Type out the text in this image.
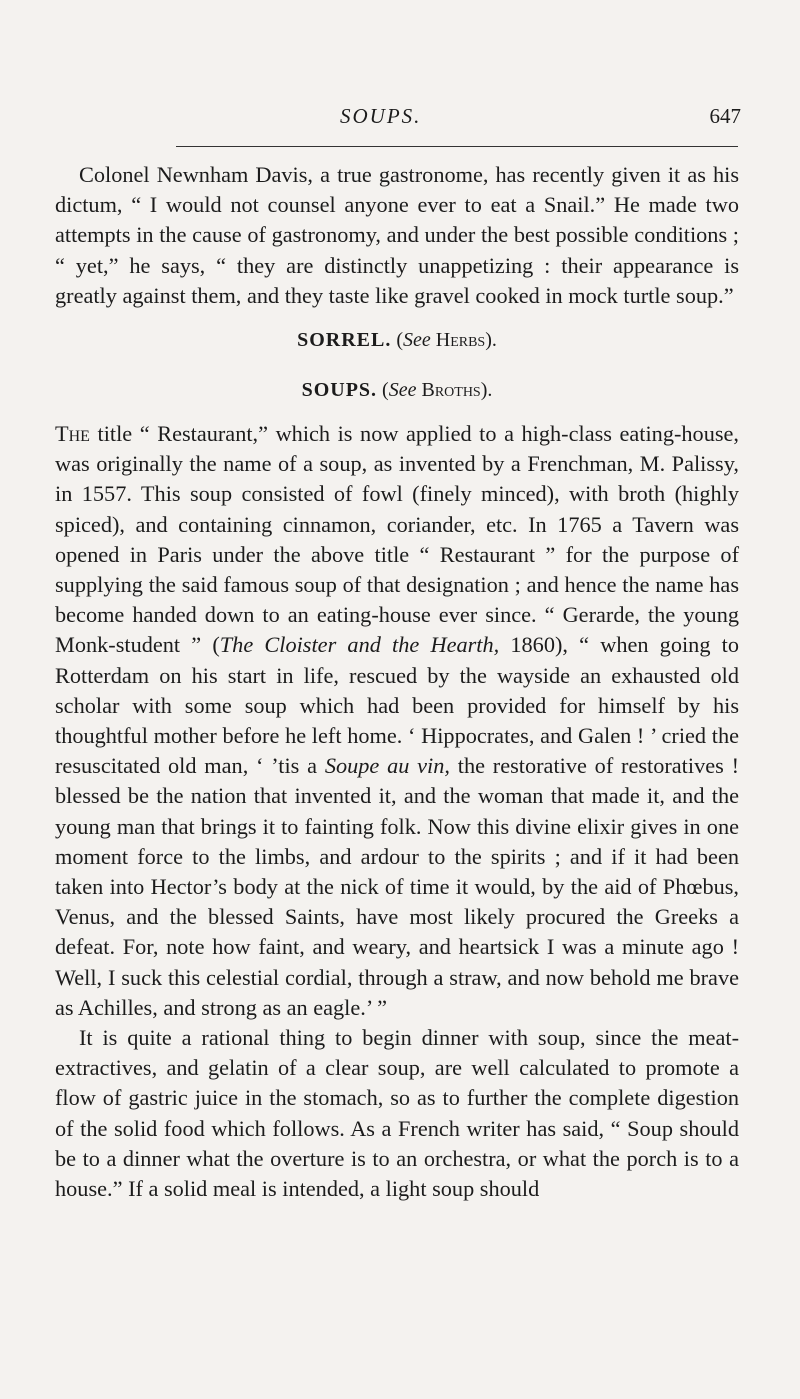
SOUPS.	647

Colonel Newnham Davis, a true gastronome, has recently given it as his dictum, “ I would not counsel anyone ever to eat a Snail.” He made two attempts in the cause of gastronomy, and under the best possible conditions ; “ yet,” he says, “ they are distinctly unappetizing : their appearance is greatly against them, and they taste like gravel cooked in mock turtle soup.”

SORREL. (See Herbs).

SOUPS. (See Broths).

The title “ Restaurant,” which is now applied to a high-class eating-house, was originally the name of a soup, as invented by a Frenchman, M. Palissy, in 1557. This soup consisted of fowl (finely minced), with broth (highly spiced), and containing cinnamon, coriander, etc. In 1765 a Tavern was opened in Paris under the above title “ Restaurant ” for the purpose of supplying the said famous soup of that designation ; and hence the name has become handed down to an eating-house ever since. “ Gerarde, the young Monk-student ” (The Cloister and the Hearth, 1860), “ when going to Rotterdam on his start in life, rescued by the wayside an exhausted old scholar with some soup which had been provided for himself by his thoughtful mother before he left home. ‘ Hippocrates, and Galen ! ’ cried the resuscitated old man, ‘ ’tis a Soupe au vin, the restorative of restoratives ! blessed be the nation that invented it, and the woman that made it, and the young man that brings it to fainting folk. Now this divine elixir gives in one moment force to the limbs, and ardour to the spirits ; and if it had been taken into Hector’s body at the nick of time it would, by the aid of Phœbus, Venus, and the blessed Saints, have most likely procured the Greeks a defeat. For, note how faint, and weary, and heartsick I was a minute ago ! Well, I suck this celestial cordial, through a straw, and now behold me brave as Achilles, and strong as an eagle.’ ”

It is quite a rational thing to begin dinner with soup, since the meat-extractives, and gelatin of a clear soup, are well calculated to promote a flow of gastric juice in the stomach, so as to further the complete digestion of the solid food which follows. As a French writer has said, “ Soup should be to a dinner what the overture is to an orchestra, or what the porch is to a house.” If a solid meal is intended, a light soup should
